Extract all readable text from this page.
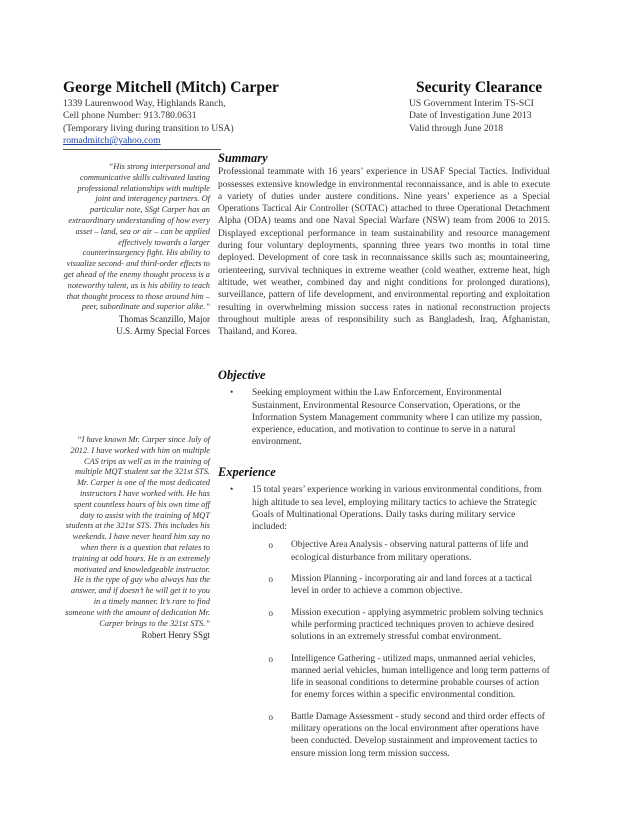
George Mitchell (Mitch) Carper	Security Clearance
1339 Laurenwood Way, Highlands Ranch,
Cell phone Number: 913.780.0631
(Temporary living during transition to USA)
romadmitch@yahoo.com
US Government Interim TS-SCI
Date of Investigation June 2013
Valid through June 2018
“His strong interpersonal and communicative skills cultivated lasting professional relationships with multiple joint and interagency partners. Of particular note, SSgt Carper has an extraordinary understanding of how every asset – land, sea or air – can be applied effectively towards a larger counterinsurgency fight. His ability to visualize second- and third-order effects to get ahead of the enemy thought process is a noteworthy talent, as is his ability to teach that thought process to those around him – peer, subordinate and superior alike.”
Thomas Scanzillo, Major
U.S. Army Special Forces
“I have known Mr. Carper since July of 2012. I have worked with him on multiple CAS trips as well as in the training of multiple MQT student sat the 321st STS. Mr. Carper is one of the most dedicated instructors I have worked with. He has spent countless hours of his own time off duty to assist with the training of MQT students at the 321st STS. This includes his weekends. I have never heard him say no when there is a question that relates to training at odd hours. He is an extremely motivated and knowledgeable instructor. He is the type of guy who always has the answer, and if doesn’t he will get it to you in a timely manner. It’s rare to find someone with the amount of dedication Mr. Carper brings to the 321st STS.”
Robert Henry SSgt
Summary

Professional teammate with 16 years’ experience in USAF Special Tactics. Individual possesses extensive knowledge in environmental reconnaissance, and is able to execute a variety of duties under austere conditions. Nine years’ experience as a Special Operations Tactical Air Controller (SOTAC) attached to three Operational Detachment Alpha (ODA) teams and one Naval Special Warfare (NSW) team from 2006 to 2015. Displayed exceptional performance in team sustainability and resource management during four voluntary deployments, spanning three years two months in total time deployed. Development of core task in reconnaissance skills such as; mountaineering, orienteering, survival techniques in extreme weather (cold weather, extreme heat, high altitude, wet weather, combined day and night conditions for prolonged durations), surveillance, pattern of life development, and environmental reporting and exploitation resulting in overwhelming mission success rates in national reconstruction projects throughout multiple areas of responsibility such as Bangladesh, Iraq, Afghanistan, Thailand, and Korea.

Objective
•	Seeking employment within the Law Enforcement, Environmental Sustainment, Environmental Resource Conservation, Operations, or the Information System Management community where I can utilize my passion, experience, education, and motivation to continue to serve in a natural environment.
Experience
•	15 total years’ experience working in various environmental conditions, from high altitude to sea level, employing military tactics to achieve the Strategic Goals of Multinational Operations. Daily tasks during military service included:
o	Objective Area Analysis - observing natural patterns of life and ecological disturbance from military operations.
o	Mission Planning - incorporating air and land forces at a tactical level in order to achieve a common objective.
o	Mission execution - applying asymmetric problem solving technics while performing practiced techniques proven to achieve desired solutions in an extremely stressful combat environment.
o	Intelligence Gathering - utilized maps, unmanned aerial vehicles, manned aerial vehicles, human intelligence and long term patterns of life in seasonal conditions to determine probable courses of action for enemy forces within a specific environmental condition.
o	Battle Damage Assessment - study second and third order effects of military operations on the local environment after operations have been conducted. Develop sustainment and improvement tactics to ensure mission long term mission success.
